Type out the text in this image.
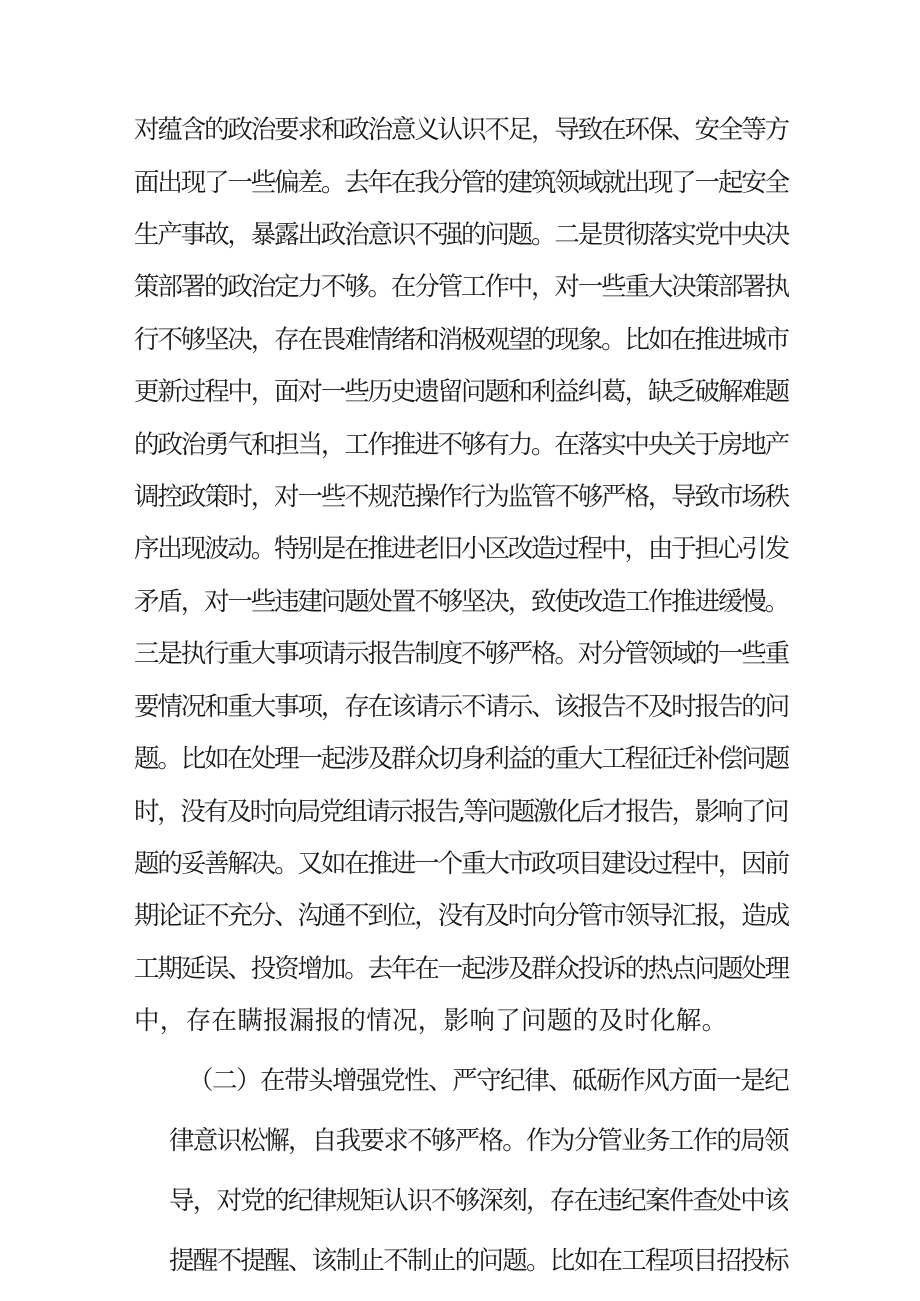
对蕴含的政治要求和政治意义认识不足，导致在环保、安全等方
面出现了一些偏差。去年在我分管的建筑领域就出现了一起安全
生产事故，暴露出政治意识不强的问题。二是贯彻落实党中央决
策部署的政治定力不够。在分管工作中，对一些重大决策部署执
行不够坚决，存在畏难情绪和消极观望的现象。比如在推进城市
更新过程中，面对一些历史遗留问题和利益纠葛，缺乏破解难题
的政治勇气和担当，工作推进不够有力。在落实中央关于房地产
调控政策时，对一些不规范操作行为监管不够严格，导致市场秩
序出现波动。特别是在推进老旧小区改造过程中，由于担心引发
矛盾，对一些违建问题处置不够坚决，致使改造工作推进缓慢。
三是执行重大事项请示报告制度不够严格。对分管领域的一些重
要情况和重大事项，存在该请示不请示、该报告不及时报告的问
题。比如在处理一起涉及群众切身利益的重大工程征迁补偿问题
时，没有及时向局党组请示报告,等问题激化后才报告，影响了问
题的妥善解决。又如在推进一个重大市政项目建设过程中，因前
期论证不充分、沟通不到位，没有及时向分管市领导汇报，造成
工期延误、投资增加。去年在一起涉及群众投诉的热点问题处理
中，存在瞒报漏报的情况，影响了问题的及时化解。
（二）在带头增强党性、严守纪律、砥砺作风方面一是纪
律意识松懈，自我要求不够严格。作为分管业务工作的局领
导，对党的纪律规矩认识不够深刻，存在违纪案件查处中该
提醒不提醒、该制止不制止的问题。比如在工程项目招投标
